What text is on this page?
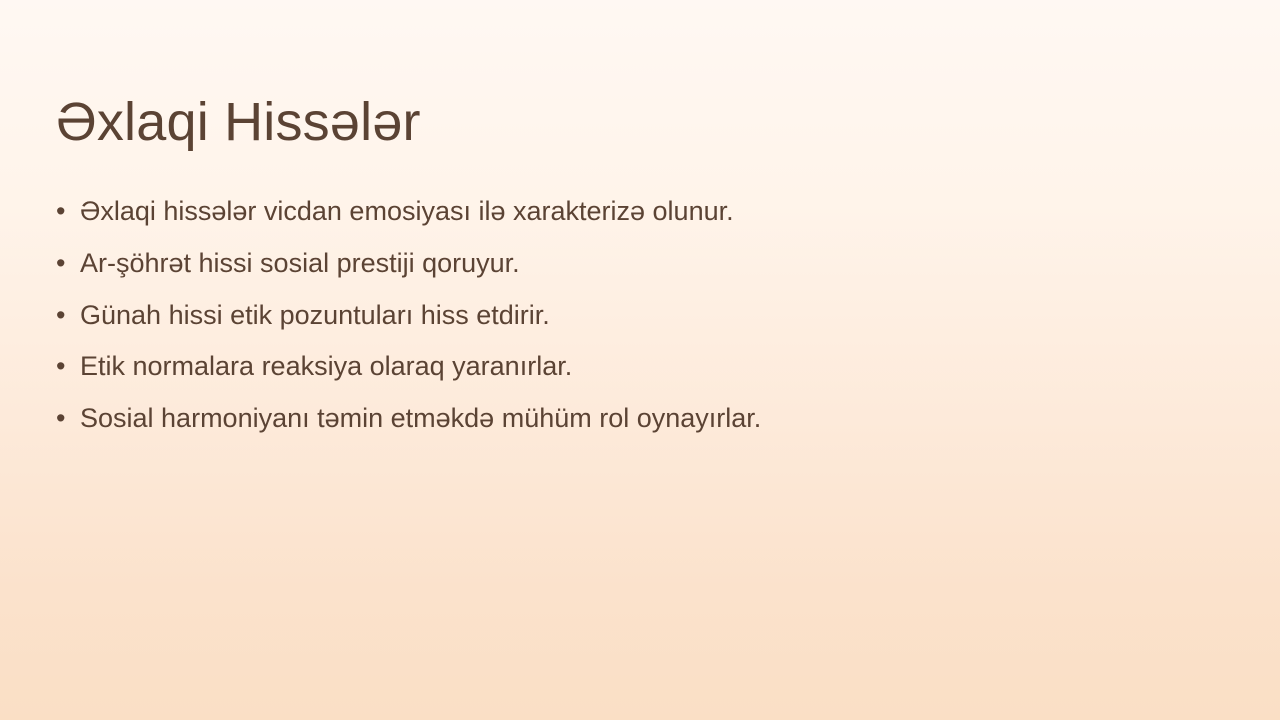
Əxlaqi Hissələr
• Əxlaqi hissələr vicdan emosiyası ilə xarakterizə olunur.
• Ar-şöhrət hissi sosial prestiji qoruyur.
• Günah hissi etik pozuntuları hiss etdirir.
• Etik normalara reaksiya olaraq yaranırlar.
• Sosial harmoniyanı təmin etməkdə mühüm rol oynayırlar.
